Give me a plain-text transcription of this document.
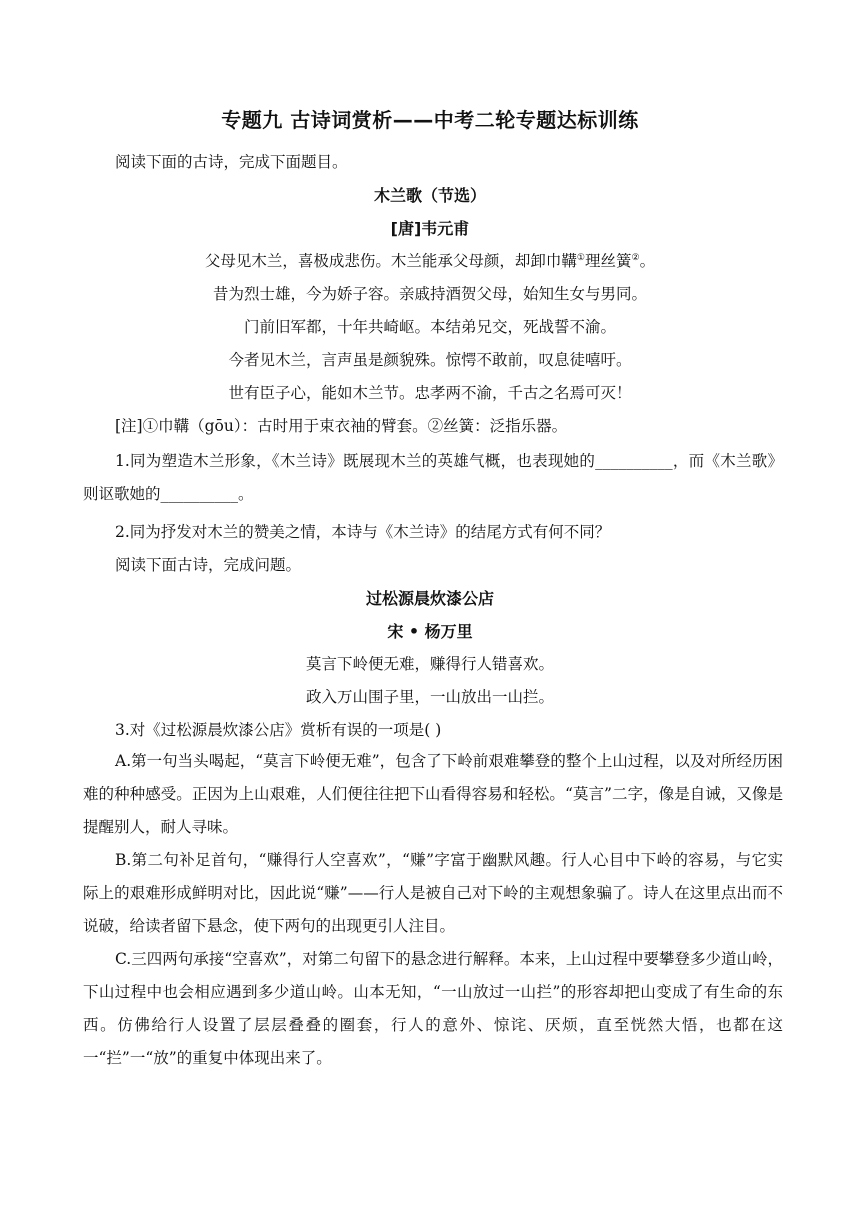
专题九 古诗词赏析——中考二轮专题达标训练
阅读下面的古诗，完成下面题目。
木兰歌（节选）
[唐]韦元甫
父母见木兰，喜极成悲伤。木兰能承父母颜，却卸巾鞲①理丝簧②。
昔为烈士雄，今为娇子容。亲戚持酒贺父母，始知生女与男同。
门前旧军都，十年共崎岖。本结弟兄交，死战誓不渝。
今者见木兰，言声虽是颜貌殊。惊愕不敢前，叹息徒嘻吁。
世有臣子心，能如木兰节。忠孝两不渝，千古之名焉可灭！
[注]①巾鞲（gōu）：古时用于束衣袖的臂套。②丝簧：泛指乐器。
1.同为塑造木兰形象，《木兰诗》既展现木兰的英雄气概，也表现她的__________，而《木兰歌》则讴歌她的__________。
2.同为抒发对木兰的赞美之情，本诗与《木兰诗》的结尾方式有何不同？
阅读下面古诗，完成问题。
过松源晨炊漆公店
宋 • 杨万里
莫言下岭便无难，赚得行人错喜欢。
政入万山围子里，一山放出一山拦。
3.对《过松源晨炊漆公店》赏析有误的一项是( )
A.第一句当头喝起，“莫言下岭便无难”，包含了下岭前艰难攀登的整个上山过程，以及对所经历困难的种种感受。正因为上山艰难，人们便往往把下山看得容易和轻松。“莫言”二字，像是自诫，又像是提醒别人，耐人寻味。
B.第二句补足首句，“赚得行人空喜欢”，“赚”字富于幽默风趣。行人心目中下岭的容易，与它实际上的艰难形成鲜明对比，因此说“赚”——行人是被自己对下岭的主观想象骗了。诗人在这里点出而不说破，给读者留下悬念，使下两句的出现更引人注目。
C.三四两句承接“空喜欢”，对第二句留下的悬念进行解释。本来，上山过程中要攀登多少道山岭，下山过程中也会相应遇到多少道山岭。山本无知，“一山放过一山拦”的形容却把山变成了有生命的东西。仿佛给行人设置了层层叠叠的圈套，行人的意外、惊诧、厌烦，直至恍然大悟，也都在这一“拦”一“放”的重复中体现出来了。
